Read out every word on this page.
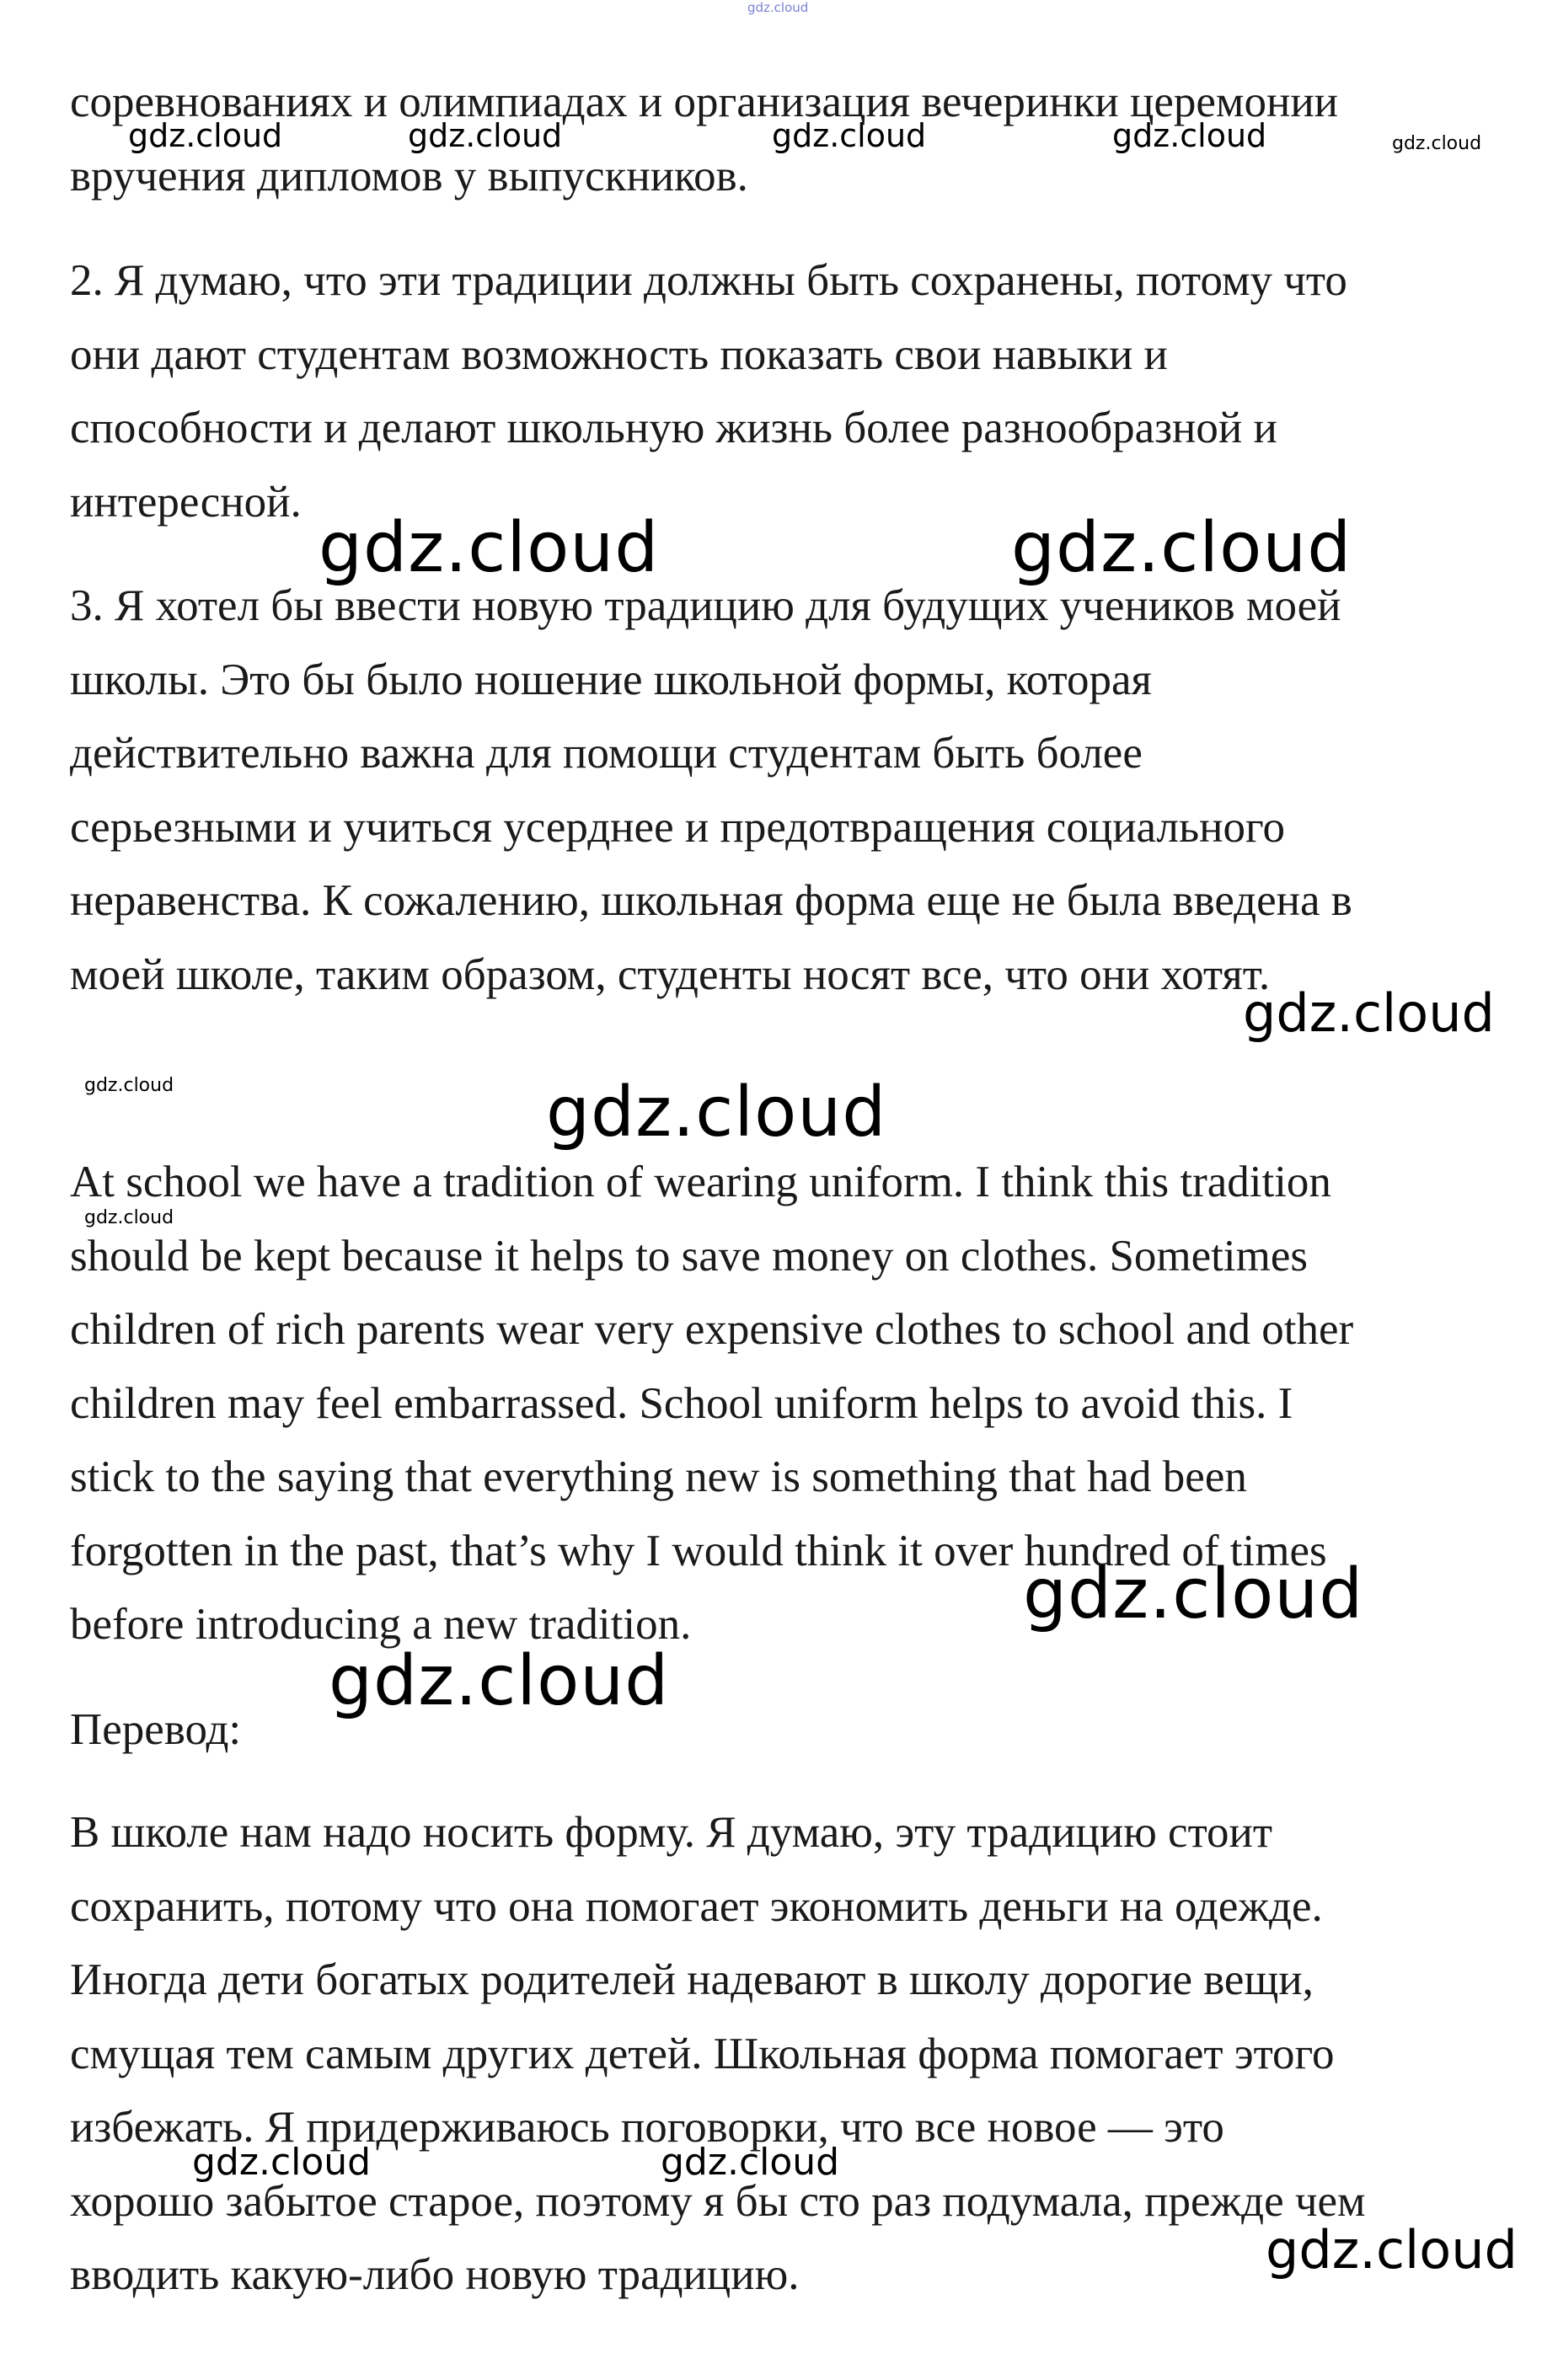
gdz.cloud

соревнованиях и олимпиадах и организация вечеринки церемонии
вручения дипломов у выпускников.

2. Я думаю, что эти традиции должны быть сохранены, потому что
они дают студентам возможность показать свои навыки и
способности и делают школьную жизнь более разнообразной и
интересной.

3. Я хотел бы ввести новую традицию для будущих учеников моей
школы. Это бы было ношение школьной формы, которая
действительно важна для помощи студентам быть более
серьезными и учиться усерднее и предотвращения социального
неравенства. К сожалению, школьная форма еще не была введена в
моей школе, таким образом, студенты носят все, что они хотят.

At school we have a tradition of wearing uniform. I think this tradition
should be kept because it helps to save money on clothes. Sometimes
children of rich parents wear very expensive clothes to school and other
children may feel embarrassed. School uniform helps to avoid this. I
stick to the saying that everything new is something that had been
forgotten in the past, that’s why I would think it over hundred of times
before introducing a new tradition.

Перевод:

В школе нам надо носить форму. Я думаю, эту традицию стоит
сохранить, потому что она помогает экономить деньги на одежде.
Иногда дети богатых родителей надевают в школу дорогие вещи,
смущая тем самым других детей. Школьная форма помогает этого
избежать. Я придерживаюсь поговорки, что все новое — это
хорошо забытое старое, поэтому я бы сто раз подумала, прежде чем
вводить какую-либо новую традицию.

gdz.cloud	gdz.cloud	gdz.cloud	gdz.cloud	gdz.cloud
gdz.cloud	gdz.cloud
gdz.cloud
gdz.cloud	gdz.cloud
gdz.cloud
gdz.cloud
gdz.cloud
gdz.cloud	gdz.cloud
gdz.cloud
